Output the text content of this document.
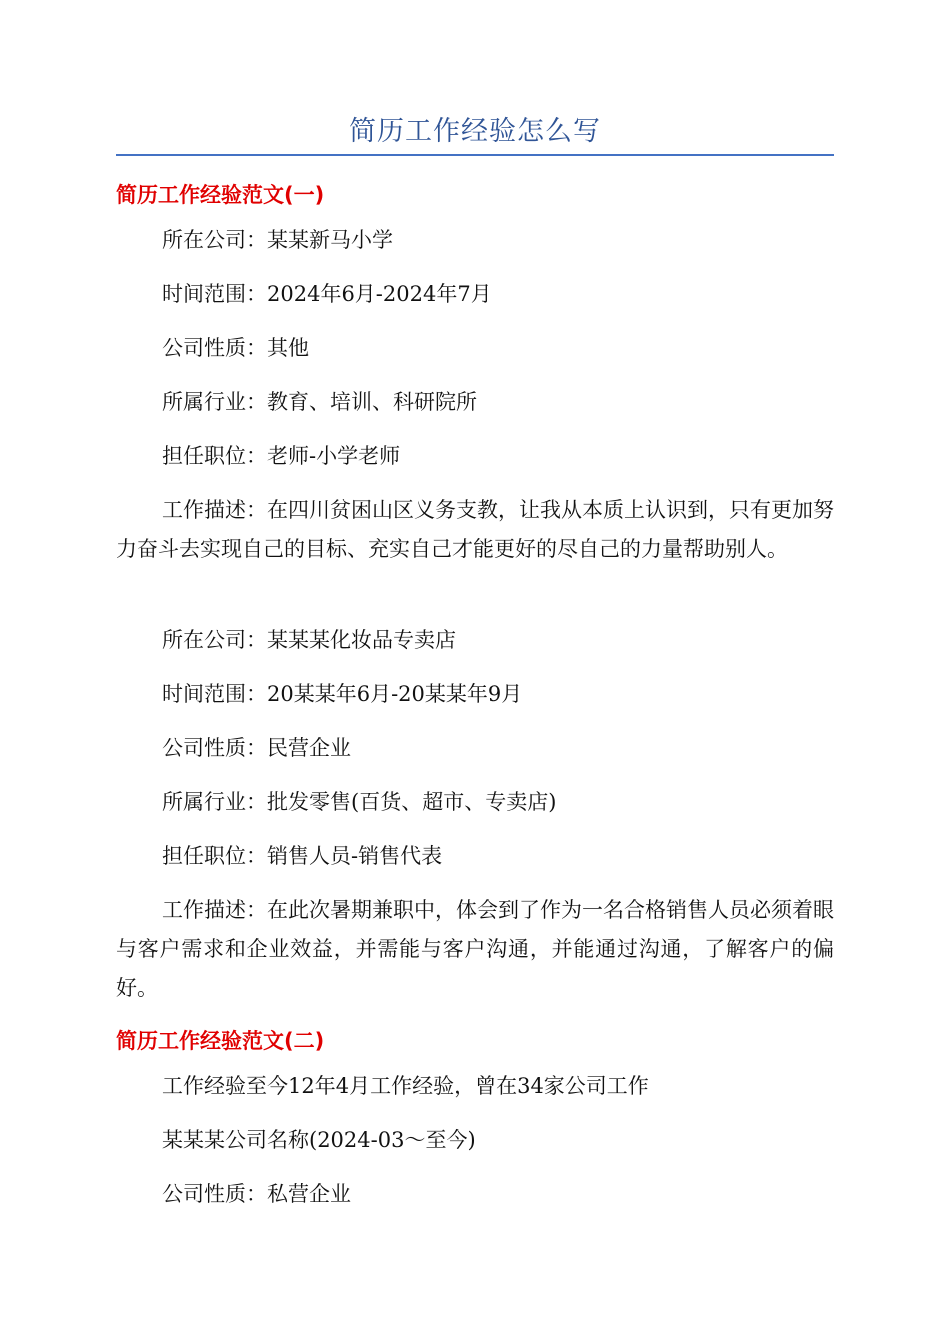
简历工作经验怎么写
简历工作经验范文(一)
所在公司：某某新马小学
时间范围：2024年6月-2024年7月
公司性质：其他
所属行业：教育、培训、科研院所
担任职位：老师-小学老师
工作描述：在四川贫困山区义务支教，让我从本质上认识到，只有更加努力奋斗去实现自己的目标、充实自己才能更好的尽自己的力量帮助别人。
所在公司：某某某化妆品专卖店
时间范围：20某某年6月-20某某年9月
公司性质：民营企业
所属行业：批发零售(百货、超市、专卖店)
担任职位：销售人员-销售代表
工作描述：在此次暑期兼职中，体会到了作为一名合格销售人员必须着眼与客户需求和企业效益，并需能与客户沟通，并能通过沟通，了解客户的偏好。
简历工作经验范文(二)
工作经验至今12年4月工作经验，曾在34家公司工作
某某某公司名称(2024-03～至今)
公司性质：私营企业
